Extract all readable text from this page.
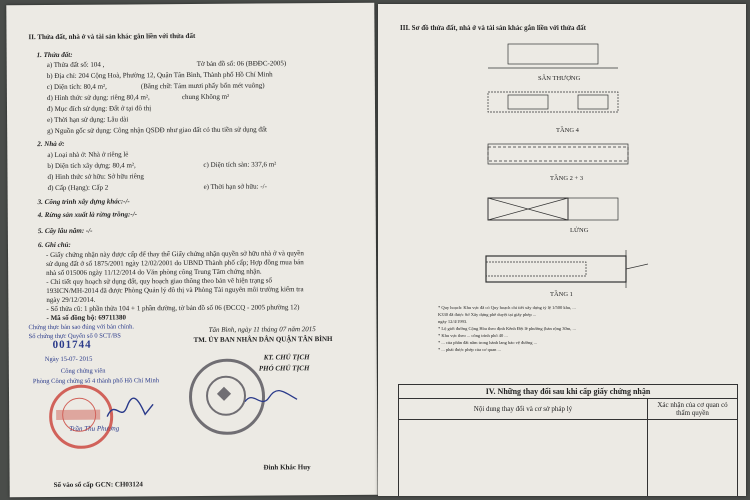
II. Thửa đất, nhà ở và tài sản khác gắn liền với thửa đất
1. Thửa đất:
a) Thửa đất số: 104 ,	Tờ bản đồ số: 06 (BĐĐC-2005)
b) Địa chỉ: 204 Cộng Hoà, Phường 12, Quận Tân Bình, Thành phố Hồ Chí Minh
c) Diện tích: 80,4 m²,	(Bằng chữ: Tám mươi phẩy bốn mét vuông)
d) Hình thức sử dụng: riêng 80,4 m²,	chung Không m²
đ) Mục đích sử dụng: Đất ở tại đô thị
e) Thời hạn sử dụng: Lâu dài
g) Nguồn gốc sử dụng: Công nhận QSDĐ như giao đất có thu tiền sử dụng đất
2. Nhà ở:
a) Loại nhà ở: Nhà ở riêng lẻ
b) Diện tích xây dựng: 80,4 m²,	c) Diện tích sàn: 337,6 m²
d) Hình thức sở hữu: Sở hữu riêng
đ) Cấp (Hạng): Cấp 2	e) Thời hạn sở hữu: -/-
3. Công trình xây dựng khác:-/-
4. Rừng sản xuất là rừng trồng:-/-
5. Cây lâu năm: -/-
6. Ghi chú:
- Giấy chứng nhận này được cấp để thay thế Giấy chứng nhận quyền sở hữu nhà ở và quyền
sử dụng đất ở số 1875/2001 ngày 12/02/2001 do UBND Thành phố cấp; Hợp đồng mua bán
nhà số 015006 ngày 11/12/2014 do Văn phòng công Trung Tâm chứng nhận.
- Chỉ tiết quy hoạch sử dụng đất, quy hoạch giao thông theo bản vẽ hiện trạng số
193ICN/MH-2014 đã được Phòng Quản lý đô thị và Phòng Tài nguyên môi trường kiểm tra
ngày 29/12/2014.
- Số thửa cũ: 1 phần thửa 104 + 1 phần đường, tờ bản đồ số 06 (ĐCCQ - 2005 phường 12)
- Mã số đồng bộ: 69711380
Tân Bình, ngày 11 tháng 07 năm 2015
TM. ỦY BAN NHÂN DÂN QUẬN TÂN BÌNH
KT. CHỦ TỊCH
PHÓ CHỦ TỊCH
Đinh Khắc Huy
Chứng thực bản sao đúng với bản chính.
Số chứng thực Quyển số 0 SCT/BS
001744
Ngày 15-07- 2015
Công chứng viên
Phòng Công chứng số 4 thành phố Hồ Chí Minh
Trần Thu Phương
Số vào sổ cấp GCN: CH03124
III. Sơ đồ thửa đất, nhà ở và tài sản khác gắn liền với thửa đất
SÂN THƯỢNG
TẦNG 4
TẦNG 2 + 3
LỬNG
TẦNG 1
* Quy hoạch: Khu vực đã có Quy hoạch chi tiết xây dựng tỷ lệ 1/500 khu, ...
K330 đã được Sở Xây dựng phê duyệt tại giấy phép ...
ngày 12/4/1993.
* Lộ giới đường Cộng Hòa theo định Kênh Đệt lề phường (bản rộng 30m, ...
* Khu vực theo ... công trình phố 40 ...
* ... của phần đất nằm trong hành lang bảo vệ đường ...
* ... phải được phép của cơ quan ...
IV. Những thay đổi sau khi cấp giấy chứng nhận	
Nội dung thay đổi và cơ sở pháp lý	Xác nhận của cơ quan có thẩm quyền
